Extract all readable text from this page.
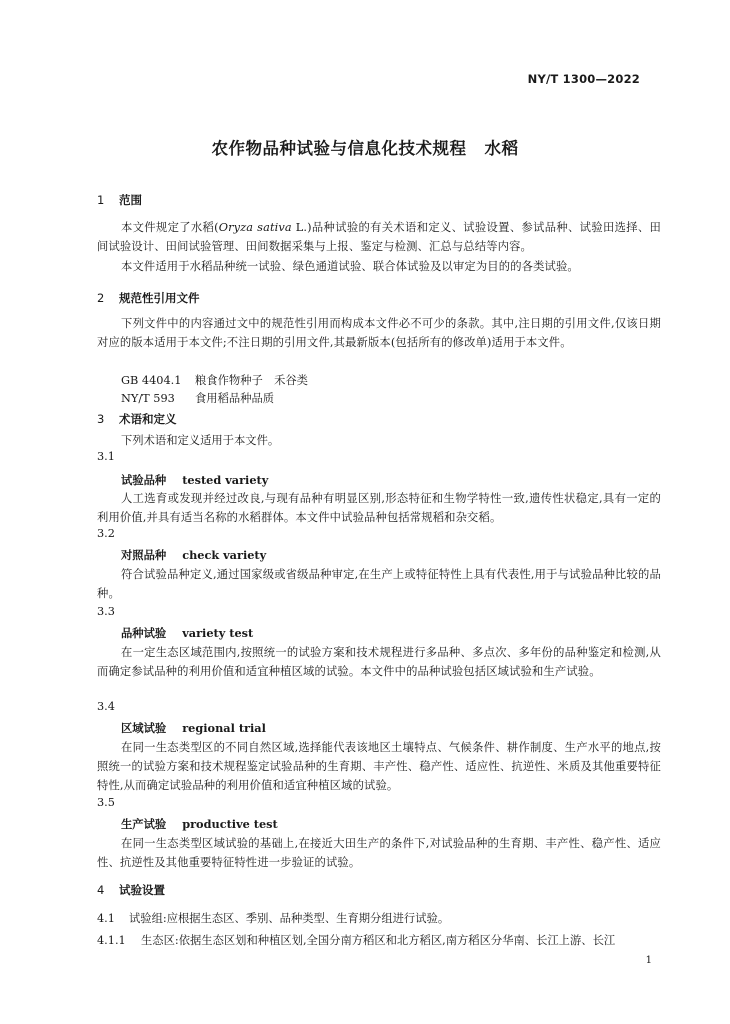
NY/T 1300—2022
农作物品种试验与信息化技术规程 水稻
1 范围
本文件规定了水稻(Oryza sativa L.)品种试验的有关术语和定义、试验设置、参试品种、试验田选择、田间试验设计、田间试验管理、田间数据采集与上报、鉴定与检测、汇总与总结等内容。
本文件适用于水稻品种统一试验、绿色通道试验、联合体试验及以审定为目的的各类试验。
2 规范性引用文件
下列文件中的内容通过文中的规范性引用而构成本文件必不可少的条款。其中,注日期的引用文件,仅该日期对应的版本适用于本文件;不注日期的引用文件,其最新版本(包括所有的修改单)适用于本文件。
GB 4404.1 粮食作物种子　禾谷类
NY/T 593 食用稻品种品质
3 术语和定义
下列术语和定义适用于本文件。
3.1
试验品种 tested variety
人工选育或发现并经过改良,与现有品种有明显区别,形态特征和生物学特性一致,遗传性状稳定,具有一定的利用价值,并具有适当名称的水稻群体。本文件中试验品种包括常规稻和杂交稻。
3.2
对照品种 check variety
符合试验品种定义,通过国家级或省级品种审定,在生产上或特征特性上具有代表性,用于与试验品种比较的品种。
3.3
品种试验 variety test
在一定生态区域范围内,按照统一的试验方案和技术规程进行多品种、多点次、多年份的品种鉴定和检测,从而确定参试品种的利用价值和适宜种植区域的试验。本文件中的品种试验包括区域试验和生产试验。
3.4
区域试验 regional trial
在同一生态类型区的不同自然区域,选择能代表该地区土壤特点、气候条件、耕作制度、生产水平的地点,按照统一的试验方案和技术规程鉴定试验品种的生育期、丰产性、稳产性、适应性、抗逆性、米质及其他重要特征特性,从而确定试验品种的利用价值和适宜种植区域的试验。
3.5
生产试验 productive test
在同一生态类型区域试验的基础上,在接近大田生产的条件下,对试验品种的生育期、丰产性、稳产性、适应性、抗逆性及其他重要特征特性进一步验证的试验。
4 试验设置
4.1 试验组:应根据生态区、季别、品种类型、生育期分组进行试验。
4.1.1 生态区:依据生态区划和种植区划,全国分南方稻区和北方稻区,南方稻区分华南、长江上游、长江
1
